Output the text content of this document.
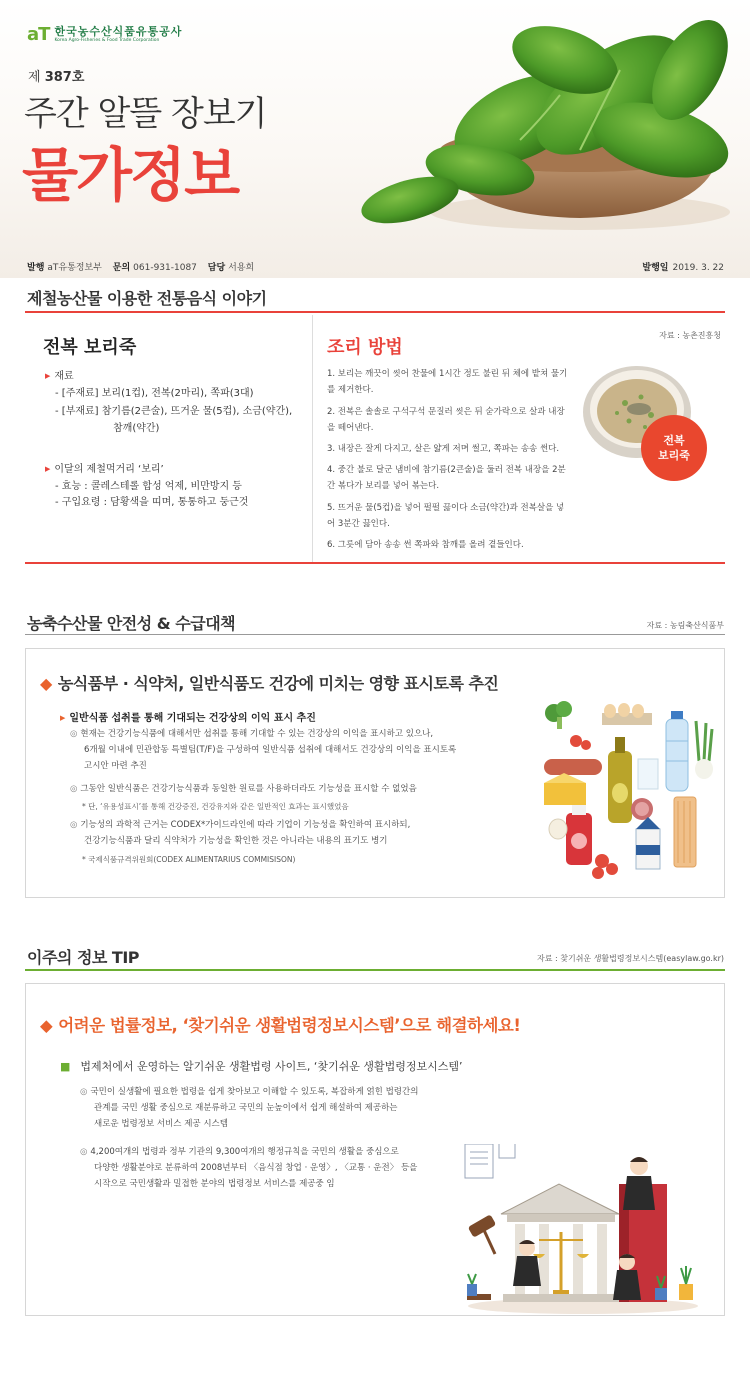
aT 한국농수산식품유통공사
Korea Agro-Fisheries & Food Trade Corporation
제 387호
주간 알뜰 장보기
물가정보
발행 aT유통정보부 문의 061-931-1087 담당 서용희	발행일 2019. 3. 22
제철농산물 이용한 전통음식 이야기
전복 보리죽
▶ 재료
- [주재료] 보리(1컵), 전복(2마리), 쪽파(3대)
- [부재료] 참기름(2큰술), 뜨거운 물(5컵), 소금(약간),
참깨(약간)
▶ 이달의 제철먹거리 ‘보리’
- 효능 : 콜레스테롤 합성 억제, 비만방지 등
- 구입요령 : 담황색을 띠며, 통통하고 둥근것
자료 : 농촌진흥청
조리 방법
1. 보리는 깨끗이 씻어 찬물에 1시간 정도 불린 뒤 체에 밭쳐 물기를 제거한다.
2. 전복은 솔솔로 구석구석 문질러 씻은 뒤 숟가락으로 살과 내장을 떼어낸다.
3. 내장은 잘게 다지고, 살은 얇게 저며 썰고, 쪽파는 송송 썬다.
4. 중간 불로 달군 냄비에 참기름(2큰술)을 둘러 전복 내장을 2분간 볶다가 보리를 넣어 볶는다.
5. 뜨거운 물(5컵)을 넣어 펄펄 끓이다 소금(약간)과 전복살을 넣어 3분간 끓인다.
6. 그릇에 담아 송송 썬 쪽파와 참깨를 올려 곁들인다.
전복
보리죽
농축수산물 안전성 & 수급대책	자료 : 농림축산식품부
◆ 농식품부 · 식약처, 일반식품도 건강에 미치는 영향 표시토록 추진
▶ 일반식품 섭취를 통해 기대되는 건강상의 이익 표시 추진
◎ 현재는 건강기능식품에 대해서만 섭취를 통해 기대할 수 있는 건강상의 이익을 표시하고 있으나,
6개월 이내에 민관합동 특별팀(T/F)을 구성하여 일반식품 섭취에 대해서도 건강상의 이익을 표시토록
고시안 마련 추진
◎ 그동안 일반식품은 건강기능식품과 동일한 원료를 사용하더라도 기능성을 표시할 수 없었음
* 단, ‘유용성표시’를 통해 건강증진, 건강유지와 같은 일반적인 효과는 표시했었음
◎ 기능성의 과학적 근거는 CODEX*가이드라인에 따라 기업이 기능성을 확인하여 표시하되,
건강기능식품과 달리 식약처가 기능성을 확인한 것은 아니라는 내용의 표기도 병기
* 국제식품규격위원회(CODEX ALIMENTARIUS COMMISISON)
이주의 정보 TIP	자료 : 찾기쉬운 생활법령정보시스템(easylaw.go.kr)
◆ 어려운 법률정보, ‘찾기쉬운 생활법령정보시스템’으로 해결하세요!
■ 법제처에서 운영하는 알기쉬운 생활법령 사이트, ‘찾기쉬운 생활법령정보시스템’
◎ 국민이 실생활에 필요한 법령을 쉽게 찾아보고 이해할 수 있도록, 복잡하게 얽힌 법령간의
관계를 국민 생활 중심으로 재분류하고 국민의 눈높이에서 쉽게 해설하여 제공하는
새로운 법령정보 서비스 제공 시스템
◎ 4,200여개의 법령과 정부 기관의 9,300여개의 행정규칙을 국민의 생활을 중심으로
다양한 생활분야로 분류하여 2008년부터 〈음식점 창업 · 운영〉, 〈교통 · 운전〉 등을
시작으로 국민생활과 밀접한 분야의 법령정보 서비스를 제공중 임
